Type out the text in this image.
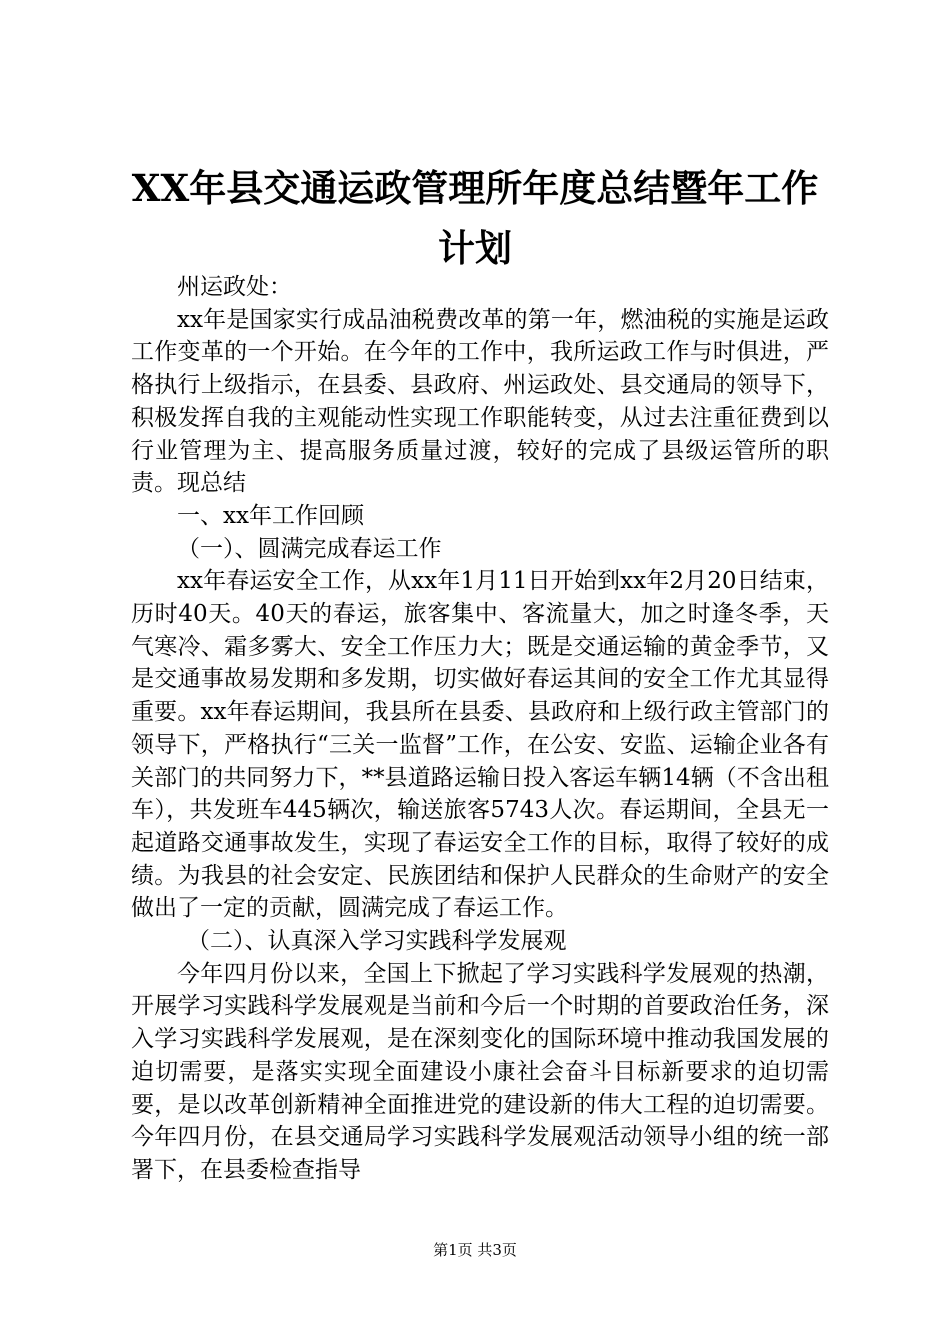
XX年县交通运政管理所年度总结暨年工作计划

州运政处：

xx年是国家实行成品油税费改革的第一年，燃油税的实施是运政工作变革的一个开始。在今年的工作中，我所运政工作与时俱进，严格执行上级指示，在县委、县政府、州运政处、县交通局的领导下，积极发挥自我的主观能动性实现工作职能转变，从过去注重征费到以行业管理为主、提高服务质量过渡，较好的完成了县级运管所的职责。现总结

一、xx年工作回顾

（一）、圆满完成春运工作

xx年春运安全工作，从xx年1月11日开始到xx年2月20日结束，历时40天。40天的春运，旅客集中、客流量大，加之时逢冬季，天气寒冷、霜多雾大、安全工作压力大；既是交通运输的黄金季节，又是交通事故易发期和多发期，切实做好春运其间的安全工作尤其显得重要。xx年春运期间，我县所在县委、县政府和上级行政主管部门的领导下，严格执行“三关一监督”工作，在公安、安监、运输企业各有关部门的共同努力下，**县道路运输日投入客运车辆14辆（不含出租车），共发班车445辆次，输送旅客5743人次。春运期间，全县无一起道路交通事故发生，实现了春运安全工作的目标，取得了较好的成绩。为我县的社会安定、民族团结和保护人民群众的生命财产的安全做出了一定的贡献，圆满完成了春运工作。

（二）、认真深入学习实践科学发展观

今年四月份以来，全国上下掀起了学习实践科学发展观的热潮，开展学习实践科学发展观是当前和今后一个时期的首要政治任务，深入学习实践科学发展观，是在深刻变化的国际环境中推动我国发展的迫切需要，是落实实现全面建设小康社会奋斗目标新要求的迫切需要，是以改革创新精神全面推进党的建设新的伟大工程的迫切需要。今年四月份，在县交通局学习实践科学发展观活动领导小组的统一部署下，在县委检查指导

第1页 共3页
